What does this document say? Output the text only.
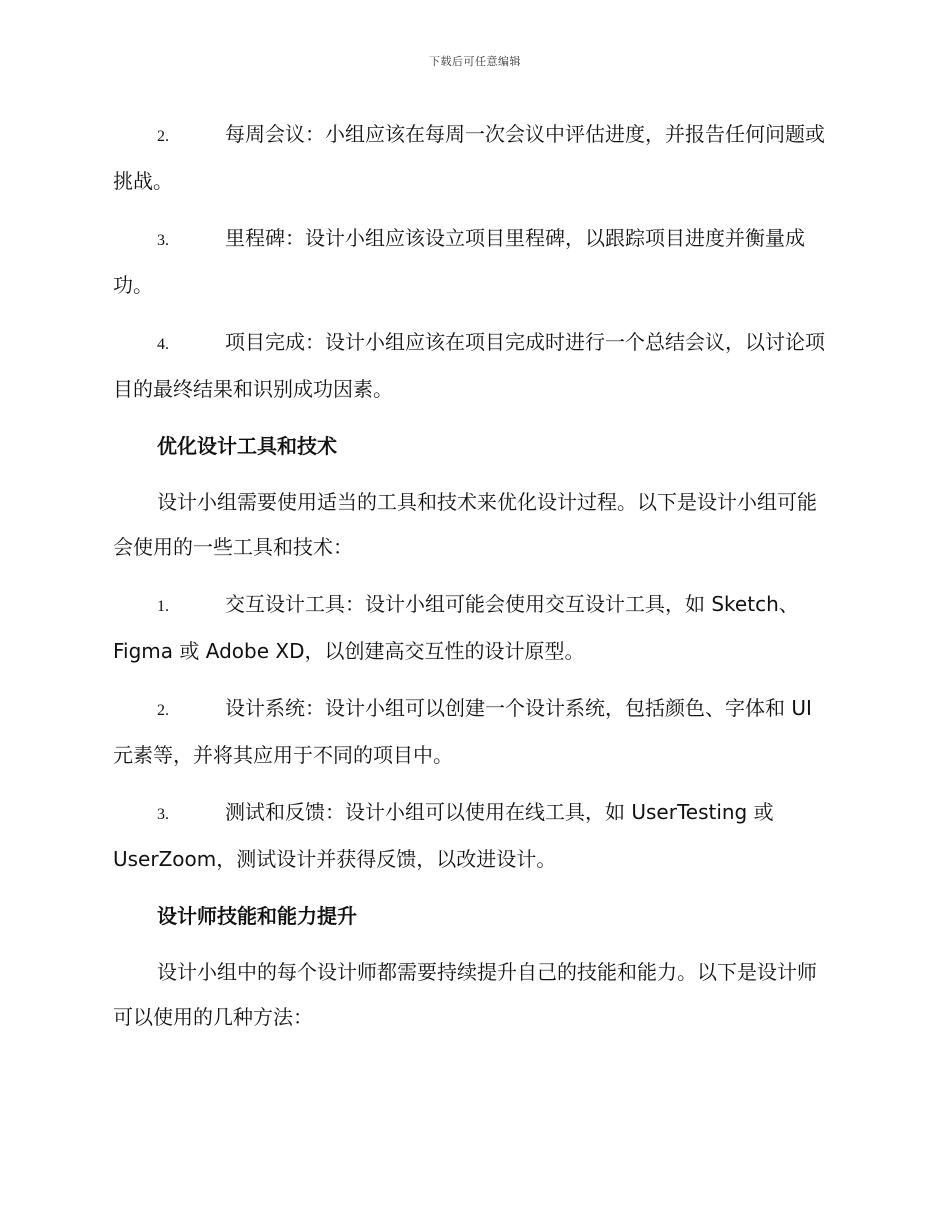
下载后可任意编辑

2.	每周会议：小组应该在每周一次会议中评估进度，并报告任何问题或挑战。

3.	里程碑：设计小组应该设立项目里程碑，以跟踪项目进度并衡量成功。

4.	项目完成：设计小组应该在项目完成时进行一个总结会议，以讨论项目的最终结果和识别成功因素。

优化设计工具和技术

设计小组需要使用适当的工具和技术来优化设计过程。以下是设计小组可能会使用的一些工具和技术：

1.	交互设计工具：设计小组可能会使用交互设计工具，如 Sketch、Figma 或 Adobe XD，以创建高交互性的设计原型。

2.	设计系统：设计小组可以创建一个设计系统，包括颜色、字体和 UI 元素等，并将其应用于不同的项目中。

3.	测试和反馈：设计小组可以使用在线工具，如 UserTesting 或 UserZoom，测试设计并获得反馈，以改进设计。

设计师技能和能力提升

设计小组中的每个设计师都需要持续提升自己的技能和能力。以下是设计师可以使用的几种方法：
